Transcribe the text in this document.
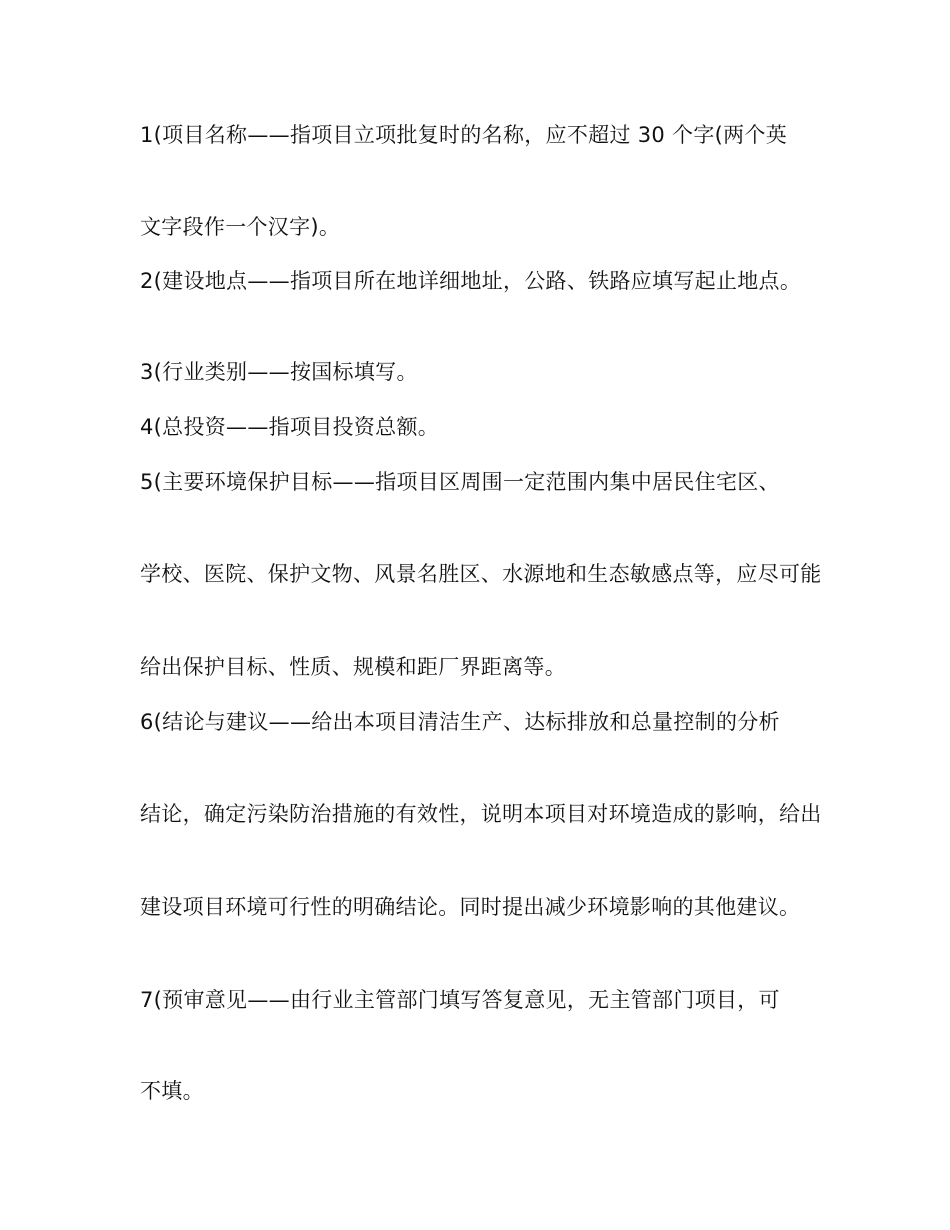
1(项目名称——指项目立项批复时的名称，应不超过 30 个字(两个英

文字段作一个汉字)。

2(建设地点——指项目所在地详细地址，公路、铁路应填写起止地点。

3(行业类别——按国标填写。

4(总投资——指项目投资总额。

5(主要环境保护目标——指项目区周围一定范围内集中居民住宅区、

学校、医院、保护文物、风景名胜区、水源地和生态敏感点等，应尽可能

给出保护目标、性质、规模和距厂界距离等。

6(结论与建议——给出本项目清洁生产、达标排放和总量控制的分析

结论，确定污染防治措施的有效性，说明本项目对环境造成的影响，给出

建设项目环境可行性的明确结论。同时提出减少环境影响的其他建议。

7(预审意见——由行业主管部门填写答复意见，无主管部门项目，可

不填。
